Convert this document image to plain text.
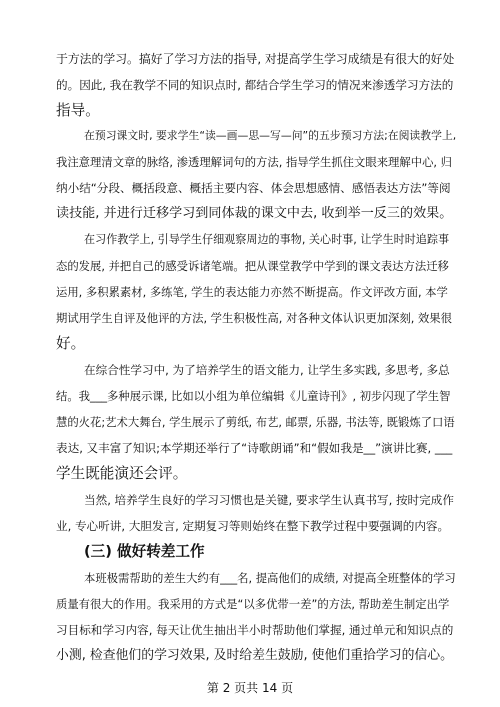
于方法的学习。搞好了学习方法的指导, 对提高学生学习成绩是有很大的好处
的。因此, 我在教学不同的知识点时, 都结合学生学习的情况来渗透学习方法的
指导。
在预习课文时, 要求学生“读—画—思—写—问”的五步预习方法;在阅读教学上,
我注意理清文章的脉络, 渗透理解词句的方法, 指导学生抓住文眼来理解中心, 归
纳小结“分段、概括段意、概括主要内容、体会思想感情、感悟表达方法”等阅
读技能, 并进行迁移学习到同体裁的课文中去, 收到举一反三的效果。
在习作教学上, 引导学生仔细观察周边的事物, 关心时事, 让学生时时追踪事
态的发展, 并把自己的感受诉诸笔端。把从课堂教学中学到的课文表达方法迁移
运用, 多积累素材, 多练笔, 学生的表达能力亦然不断提高。作文评改方面, 本学
期试用学生自评及他评的方法, 学生积极性高, 对各种文体认识更加深刻, 效果很
好。
在综合性学习中, 为了培养学生的语文能力, 让学生多实践, 多思考, 多总
结。我___多种展示课, 比如以小组为单位编辑《儿童诗刊》, 初步闪现了学生智
慧的火花;艺术大舞台, 学生展示了剪纸, 布艺, 邮票, 乐器, 书法等, 既锻炼了口语
表达, 又丰富了知识;本学期还举行了“诗歌朗诵”和“假如我是__”演讲比赛, ___
学生既能演还会评。
当然, 培养学生良好的学习习惯也是关键, 要求学生认真书写, 按时完成作
业, 专心听讲, 大胆发言, 定期复习等则始终在整下教学过程中要强调的内容。
(三) 做好转差工作
本班极需帮助的差生大约有___名, 提高他们的成绩, 对提高全班整体的学习
质量有很大的作用。我采用的方式是“以多优带一差”的方法, 帮助差生制定出学
习目标和学习内容, 每天让优生抽出半小时帮助他们掌握, 通过单元和知识点的
小测, 检查他们的学习效果, 及时给差生鼓励, 使他们重拾学习的信心。
第 2 页共 14 页
